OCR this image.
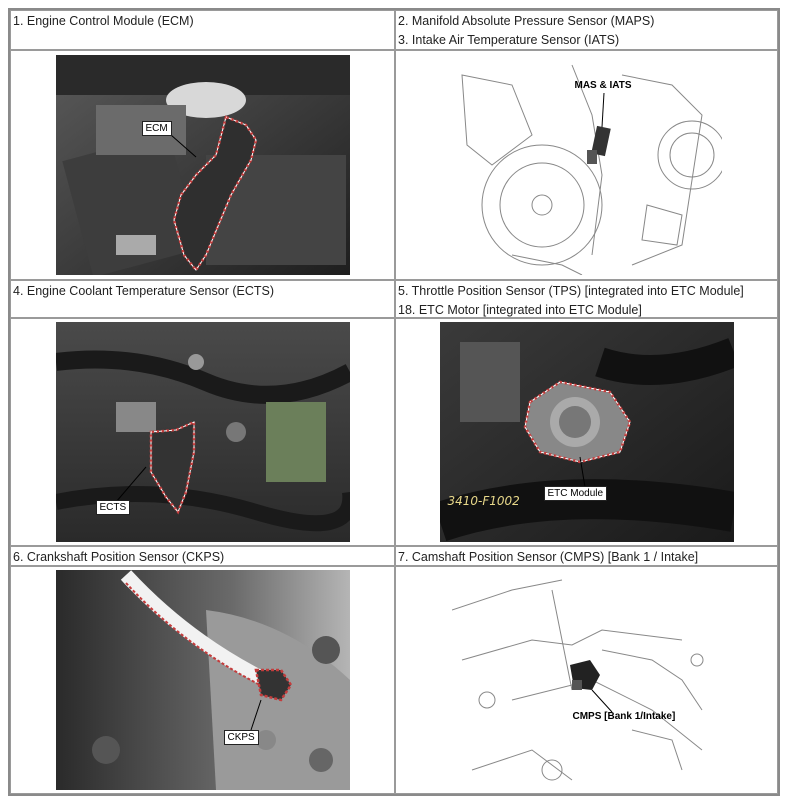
1. Engine Control Module (ECM)	2. Manifold Absolute Pressure Sensor (MAPS)
3. Intake Air Temperature Sensor (IATS)
ECM
MAS & IATS
4. Engine Coolant Temperature Sensor (ECTS)	5. Throttle Position Sensor (TPS) [integrated into ETC Module]
18. ETC Motor [integrated into ETC Module]
ECTS
ETC Module
3410-F1002
6. Crankshaft Position Sensor (CKPS)	7. Camshaft Position Sensor (CMPS) [Bank 1 / Intake]
CKPS
CMPS [Bank 1/Intake]
